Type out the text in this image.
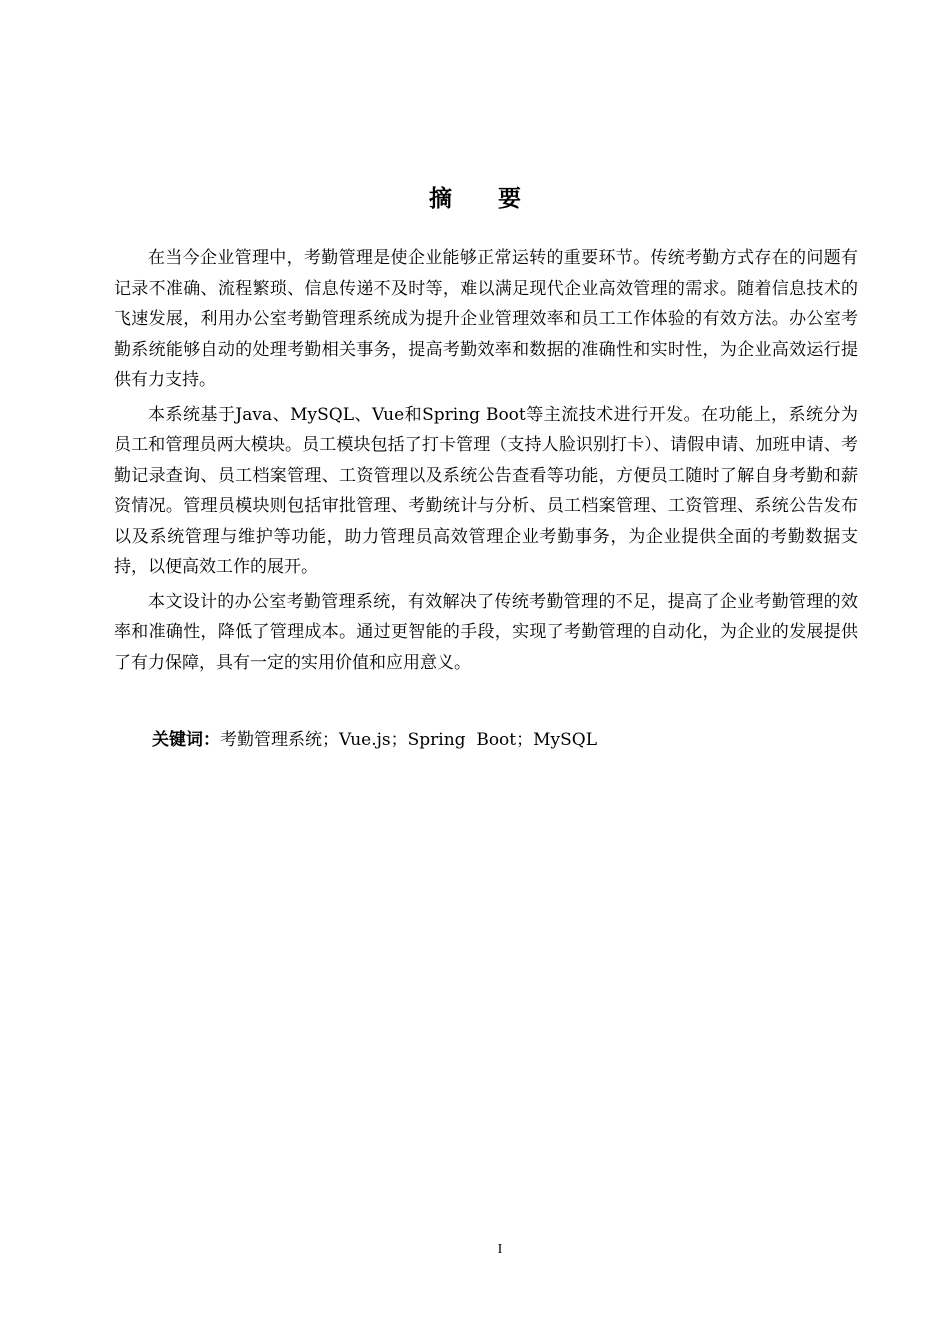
摘 要

在当今企业管理中，考勤管理是使企业能够正常运转的重要环节。传统考勤方式存在的问题有记录不准确、流程繁琐、信息传递不及时等，难以满足现代企业高效管理的需求。随着信息技术的飞速发展，利用办公室考勤管理系统成为提升企业管理效率和员工工作体验的有效方法。办公室考勤系统能够自动的处理考勤相关事务，提高考勤效率和数据的准确性和实时性，为企业高效运行提供有力支持。

本系统基于Java、MySQL、Vue和Spring Boot等主流技术进行开发。在功能上，系统分为员工和管理员两大模块。员工模块包括了打卡管理（支持人脸识别打卡）、请假申请、加班申请、考勤记录查询、员工档案管理、工资管理以及系统公告查看等功能，方便员工随时了解自身考勤和薪资情况。管理员模块则包括审批管理、考勤统计与分析、员工档案管理、工资管理、系统公告发布以及系统管理与维护等功能，助力管理员高效管理企业考勤事务，为企业提供全面的考勤数据支持，以便高效工作的展开。

本文设计的办公室考勤管理系统，有效解决了传统考勤管理的不足，提高了企业考勤管理的效率和准确性，降低了管理成本。通过更智能的手段，实现了考勤管理的自动化，为企业的发展提供了有力保障，具有一定的实用价值和应用意义。

关键词：考勤管理系统；Vue.js；Spring  Boot；MySQL
I
